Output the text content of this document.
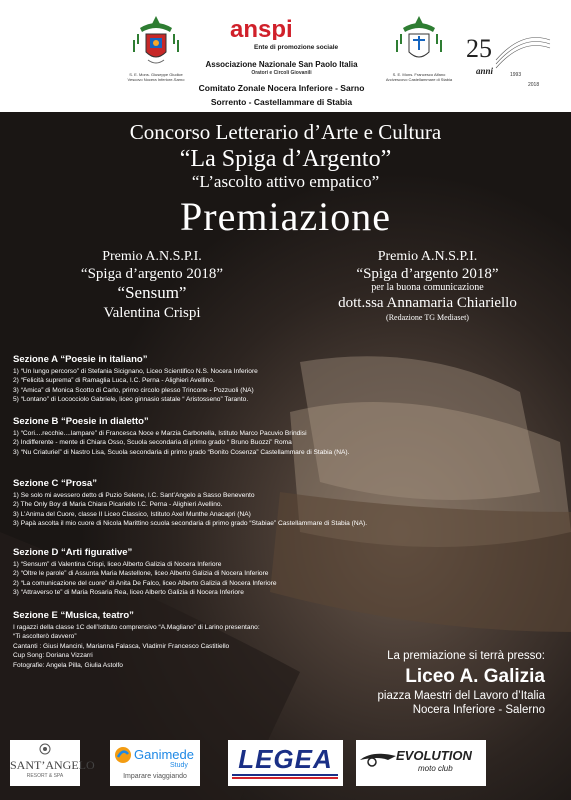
S. E. Mons. Giuseppe Giudice
Vescovo Nocera Inferiore-Sarno
anspi
Ente di promozione sociale
Associazione Nazionale San Paolo Italia
Oratori e Circoli Giovanili
Comitato Zonale Nocera Inferiore - Sarno
Sorrento - Castellammare di Stabia
S. E. Mons. Francesco Alfano
Arcivescovo Castellammare di Stabia
25
anni	1993
2018
Concorso Letterario d’Arte e Cultura
“La Spiga d’Argento”
“L’ascolto attivo empatico”
Premiazione
Premio A.N.S.P.I.
“Spiga d’argento 2018”
“Sensum”
Valentina Crispi
Premio A.N.S.P.I.
“Spiga d’argento 2018”
per la buona comunicazione
dott.ssa Annamaria Chiariello
(Redazione TG Mediaset)
Sezione A “Poesie in italiano”
1) “Un lungo percorso” di Stefania Sicignano, Liceo Scientifico N.S. Nocera Inferiore
2) “Felicità suprema” di Ramaglia Luca, I.C. Perna - Alighieri Avellino.
3) “Amica” di Monica Scotto di Carlo, primo circolo plesso Trincone - Pozzuoli (NA)
5) “Lontano” di Lococciolo Gabriele, liceo ginnasio statale “ Aristosseno” Taranto.
Sezione B “Poesie in dialetto”
1) “Cori....recchie....lampare” di Francesca Noce e Marzia Carbonella, Istituto Marco Pacuvio Brindisi
2) Indifferente - mente di Chiara Osso, Scuola secondaria di primo grado “ Bruno Buozzi” Roma
3) “Nu Criaturiel” di Nastro Lisa, Scuola secondaria di primo grado “Bonito Cosenza” Castellammare di Stabia (NA).
Sezione C “Prosa”
1) Se solo mi avessero detto di Puzio Selene, I.C. Sant’Angelo a Sasso Benevento
2) The Only Boy di Maria Chiara Picariello I.C. Perna - Alighieri Avellino.
3) L’Anima del Cuore, classe II Liceo Classico, Istituto Axel Munthe Anacapri (NA)
3) Papà ascolta il mio cuore di Nicola Marittino scuola secondaria di primo grado “Stabiae” Castellammare di Stabia (NA).
Sezione D “Arti figurative”
1) “Sensum” di Valentina Crispi, liceo Alberto Galizia di Nocera Inferiore
2) “Oltre le parole” di Assunta Maria Mastellone, liceo Alberto Galizia di Nocera Inferiore
2) “La comunicazione del cuore” di Anita De Falco, liceo Alberto Galizia di Nocera Inferiore
3) “Attraverso te” di Maria Rosaria Rea, liceo Alberto Galizia di Nocera Inferiore
Sezione E “Musica, teatro”
I ragazzi della classe 1C dell’Istituto comprensivo “A.Magliano” di Larino presentano:
“Ti ascolterò davvero”
Cantanti : Giusi Mancini, Marianna Falasca, Vladimir Francesco Castitiello
Cup Song: Doriana Vizzarri
Fotografie: Angela Pilla, Giulia Astolfo
La premiazione si terrà presso:
Liceo A. Galizia
piazza Maestri del Lavoro d’Italia
Nocera Inferiore - Salerno
SANT’ANGELO
RESORT & SPA
Ganimede
Study
Imparare viaggiando
LEGEA	EVOLUTION
moto club
